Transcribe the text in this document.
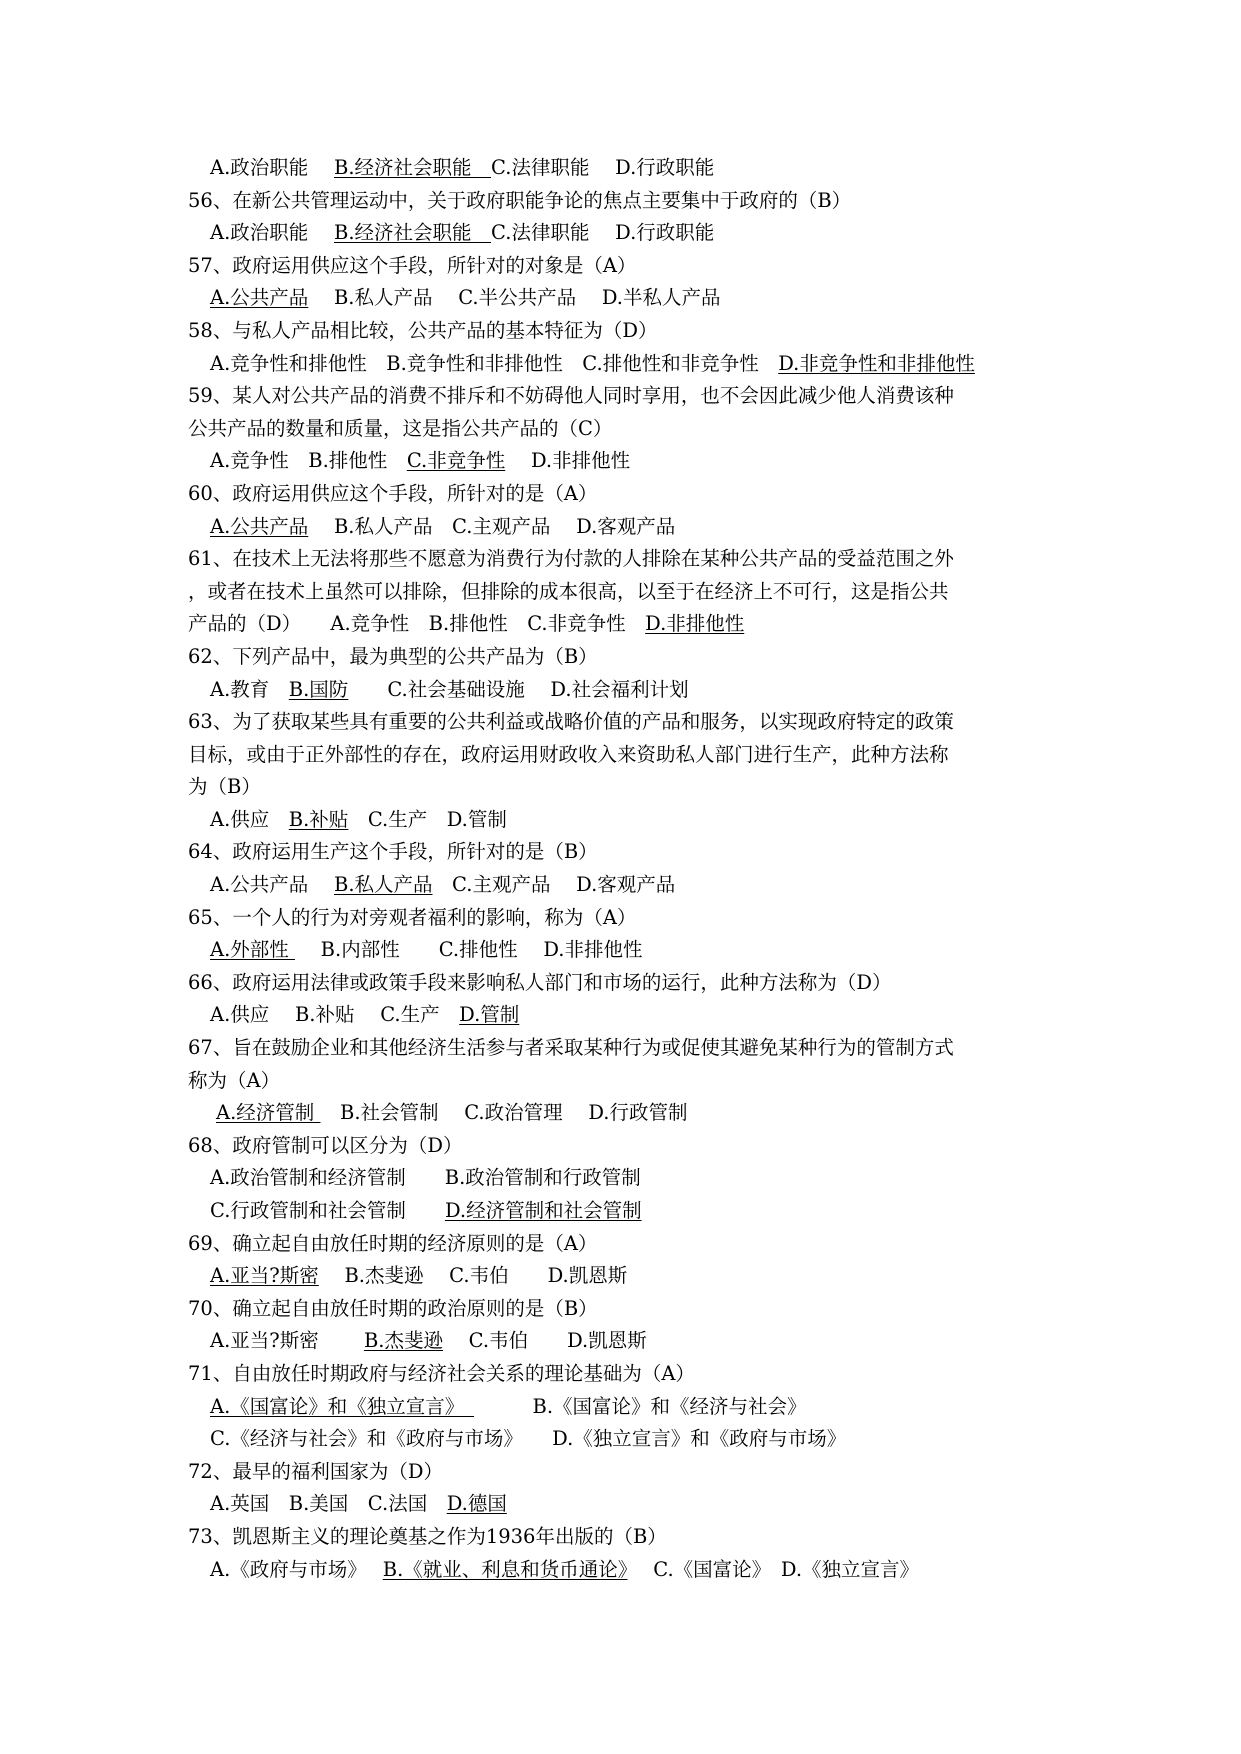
A.政治职能　 B.经济社会职能　C.法律职能　 D.行政职能
56、在新公共管理运动中，关于政府职能争论的焦点主要集中于政府的（B）
A.政治职能　 B.经济社会职能　C.法律职能　 D.行政职能
57、政府运用供应这个手段，所针对的对象是（A）
A.公共产品　 B.私人产品　 C.半公共产品　 D.半私人产品
58、与私人产品相比较，公共产品的基本特征为（D）
A.竞争性和排他性　B.竞争性和非排他性　C.排他性和非竞争性　D.非竞争性和非排他性
59、某人对公共产品的消费不排斥和不妨碍他人同时享用，也不会因此减少他人消费该种
公共产品的数量和质量，这是指公共产品的（C）
A.竞争性　B.排他性　C.非竞争性　 D.非排他性
60、政府运用供应这个手段，所针对的是（A）
A.公共产品　 B.私人产品　C.主观产品　 D.客观产品
61、在技术上无法将那些不愿意为消费行为付款的人排除在某种公共产品的受益范围之外
，或者在技术上虽然可以排除，但排除的成本很高，以至于在经济上不可行，这是指公共
产品的（D）　　A.竞争性　B.排他性　C.非竞争性　D.非排他性
62、下列产品中，最为典型的公共产品为（B）
A.教育　B.国防　　C.社会基础设施　 D.社会福利计划
63、为了获取某些具有重要的公共利益或战略价值的产品和服务，以实现政府特定的政策
目标，或由于正外部性的存在，政府运用财政收入来资助私人部门进行生产，此种方法称
为（B）
A.供应　B.补贴　C.生产　D.管制
64、政府运用生产这个手段，所针对的是（B）
A.公共产品　 B.私人产品　C.主观产品　 D.客观产品
65、一个人的行为对旁观者福利的影响，称为（A）
A.外部性 　 B.内部性　　C.排他性　 D.非排他性
66、政府运用法律或政策手段来影响私人部门和市场的运行，此种方法称为（D）
A.供应　 B.补贴　 C.生产　D.管制
67、旨在鼓励企业和其他经济生活参与者采取某种行为或促使其避免某种行为的管制方式
称为（A）
A.经济管制 　B.社会管制　 C.政治管理　 D.行政管制
68、政府管制可以区分为（D）
A.政治管制和经济管制　　B.政治管制和行政管制
C.行政管制和社会管制　　D.经济管制和社会管制
69、确立起自由放任时期的经济原则的是（A）
A.亚当?斯密　 B.杰斐逊　 C.韦伯　　D.凯恩斯
70、确立起自由放任时期的政治原则的是（B）
A.亚当?斯密　　 B.杰斐逊　 C.韦伯　　D.凯恩斯
71、自由放任时期政府与经济社会关系的理论基础为（A）
A.《国富论》和《独立宣言》　　　　B.《国富论》和《经济与社会》
C.《经济与社会》和《政府与市场》　　D.《独立宣言》和《政府与市场》
72、最早的福利国家为（D）
A.英国　B.美国　C.法国　D.德国
73、凯恩斯主义的理论奠基之作为1936年出版的（B）
A.《政府与市场》　 B.《就业、利息和货币通论》　 C.《国富论》　D.《独立宣言》
